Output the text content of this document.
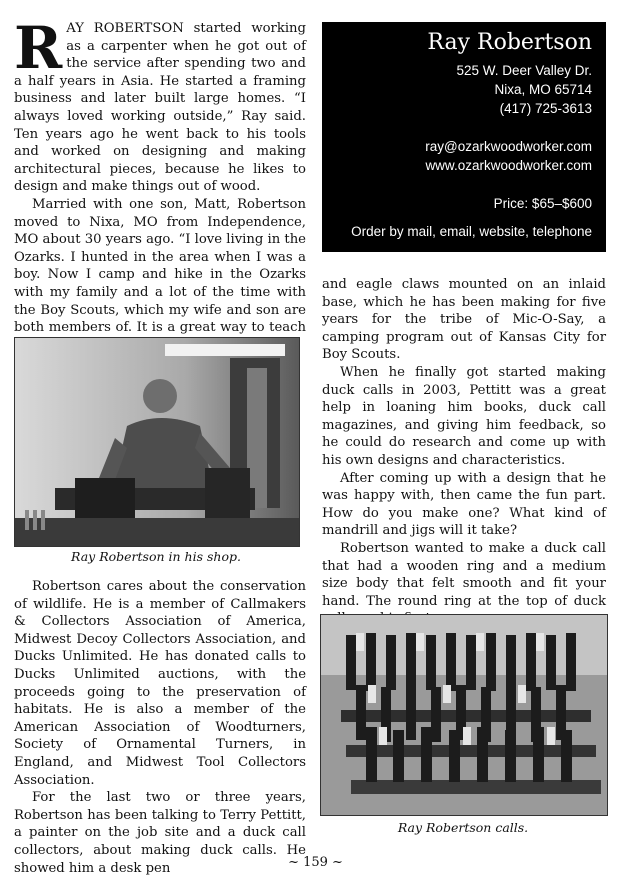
RAY ROBERTSON started working as a carpenter when he got out of the service after spending two and a half years in Asia. He started a framing business and later built large homes. “I always loved working outside,” Ray said. Ten years ago he went back to his tools and worked on designing and making architectural pieces, because he likes to design and make things out of wood.

Married with one son, Matt, Robertson moved to Nixa, MO from Independence, MO about 30 years ago. “I love living in the Ozarks. I hunted in the area when I was a boy. Now I camp and hike in the Ozarks with my family and a lot of the time with the Boy Scouts, which my wife and son are both members of. It is a great way to teach

Ray Robertson in his shop.

Robertson cares about the conservation of wildlife. He is a member of Callmakers & Collectors Association of America, Midwest Decoy Collectors Association, and Ducks Unlimited. He has donated calls to Ducks Unlimited auctions, with the proceeds going to the preservation of habitats. He is also a member of the American Association of Woodturners, Society of Ornamental Turners, in England, and Midwest Tool Collectors Association.

For the last two or three years, Robertson has been talking to Terry Pettitt, a painter on the job site and a duck call collectors, about making duck calls. He showed him a desk pen

Ray Robertson
525 W. Deer Valley Dr.
Nixa, MO 65714
(417) 725-3613
ray@ozarkwoodworker.com
www.ozarkwoodworker.com
Price: $65–$600
Order by mail, email, website, telephone

and eagle claws mounted on an inlaid base, which he has been making for five years for the tribe of Mic-O-Say, a camping program out of Kansas City for Boy Scouts.

When he finally got started making duck calls in 2003, Pettitt was a great help in loaning him books, duck call magazines, and giving him feedback, so he could do research and come up with his own designs and characteristics.

After coming up with a design that he was happy with, then came the fun part. How do you make one? What kind of mandrill and jigs will it take?

Robertson wanted to make a duck call that had a wooden ring and a medium size body that felt smooth and fit your hand. The round ring at the top of duck

Ray Robertson calls.
~ 159 ~
